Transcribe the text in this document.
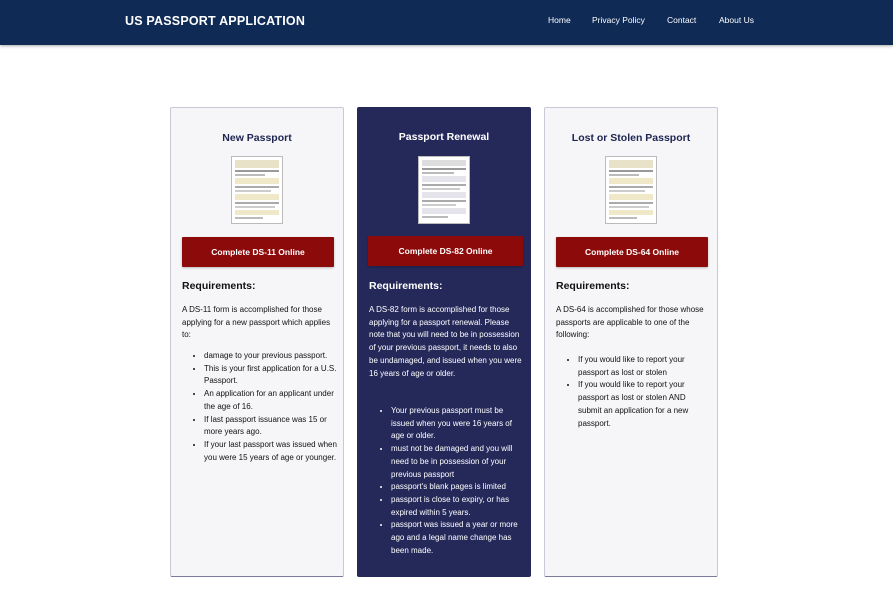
US PASSPORT APPLICATION	Home	Privacy Policy	Contact	About Us
New Passport
Complete DS-11 Online
Requirements:

A DS-11 form is accomplished for those applying for a new passport which applies to:

• damage to your previous passport.
• This is your first application for a U.S. Passport.
• An application for an applicant under the age of 16.
• If last passport issuance was 15 or more years ago.
• If your last passport was issued when you were 15 years of age or younger.
Passport Renewal
Complete DS-82 Online
Requirements:

A DS-82 form is accomplished for those applying for a passport renewal. Please note that you will need to be in possession of your previous passport, it needs to also be undamaged, and issued when you were 16 years of age or older.

• Your previous passport must be issued when you were 16 years of age or older.
• must not be damaged and you will need to be in possession of your previous passport
• passport's blank pages is limited
• passport is close to expiry, or has expired within 5 years.
• passport was issued a year or more ago and a legal name change has been made.
Lost or Stolen Passport
Complete DS-64 Online
Requirements:

A DS-64 is accomplished for those whose passports are applicable to one of the following:

• If you would like to report your passport as lost or stolen
• If you would like to report your passport as lost or stolen AND submit an application for a new passport.
